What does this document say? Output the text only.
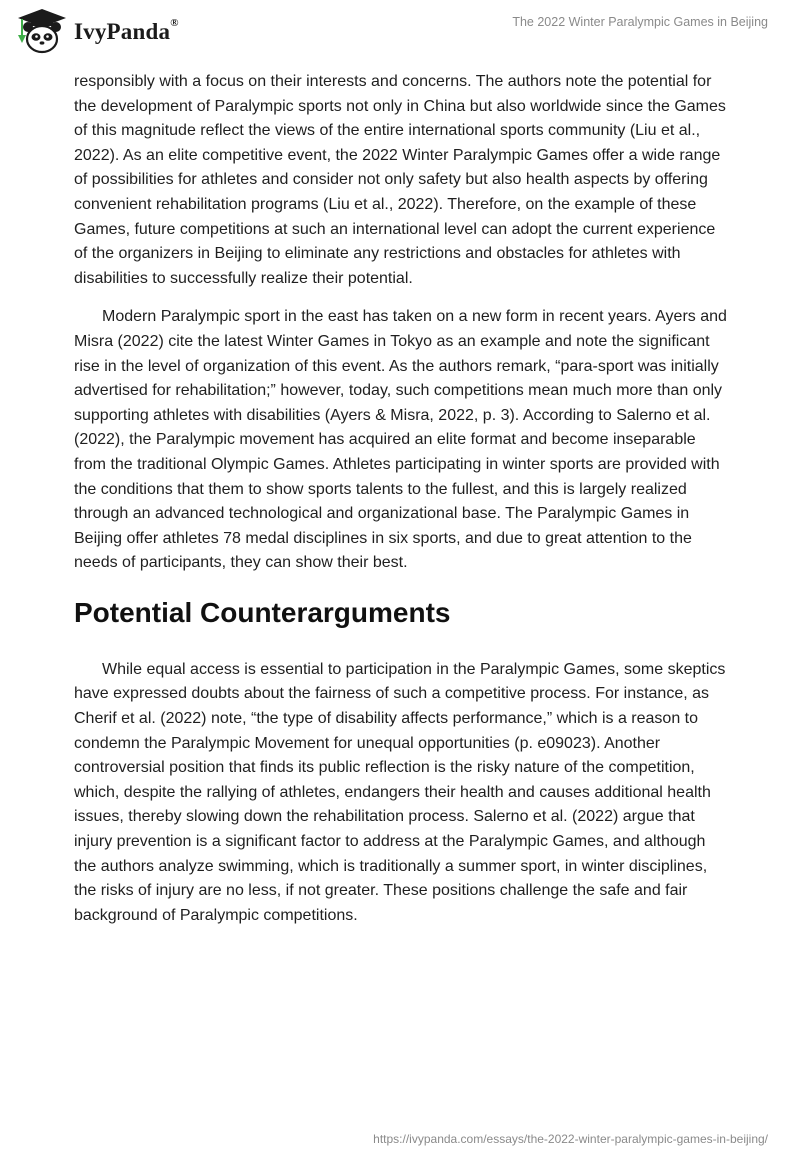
IvyPanda®	The 2022 Winter Paralympic Games in Beijing

responsibly with a focus on their interests and concerns. The authors note the potential for the development of Paralympic sports not only in China but also worldwide since the Games of this magnitude reflect the views of the entire international sports community (Liu et al., 2022). As an elite competitive event, the 2022 Winter Paralympic Games offer a wide range of possibilities for athletes and consider not only safety but also health aspects by offering convenient rehabilitation programs (Liu et al., 2022). Therefore, on the example of these Games, future competitions at such an international level can adopt the current experience of the organizers in Beijing to eliminate any restrictions and obstacles for athletes with disabilities to successfully realize their potential.

Modern Paralympic sport in the east has taken on a new form in recent years. Ayers and Misra (2022) cite the latest Winter Games in Tokyo as an example and note the significant rise in the level of organization of this event. As the authors remark, “para-sport was initially advertised for rehabilitation;” however, today, such competitions mean much more than only supporting athletes with disabilities (Ayers & Misra, 2022, p. 3). According to Salerno et al. (2022), the Paralympic movement has acquired an elite format and become inseparable from the traditional Olympic Games. Athletes participating in winter sports are provided with the conditions that them to show sports talents to the fullest, and this is largely realized through an advanced technological and organizational base. The Paralympic Games in Beijing offer athletes 78 medal disciplines in six sports, and due to great attention to the needs of participants, they can show their best.

Potential Counterarguments

While equal access is essential to participation in the Paralympic Games, some skeptics have expressed doubts about the fairness of such a competitive process. For instance, as Cherif et al. (2022) note, “the type of disability affects performance,” which is a reason to condemn the Paralympic Movement for unequal opportunities (p. e09023). Another controversial position that finds its public reflection is the risky nature of the competition, which, despite the rallying of athletes, endangers their health and causes additional health issues, thereby slowing down the rehabilitation process. Salerno et al. (2022) argue that injury prevention is a significant factor to address at the Paralympic Games, and although the authors analyze swimming, which is traditionally a summer sport, in winter disciplines, the risks of injury are no less, if not greater. These positions challenge the safe and fair background of Paralympic competitions.

https://ivypanda.com/essays/the-2022-winter-paralympic-games-in-beijing/
